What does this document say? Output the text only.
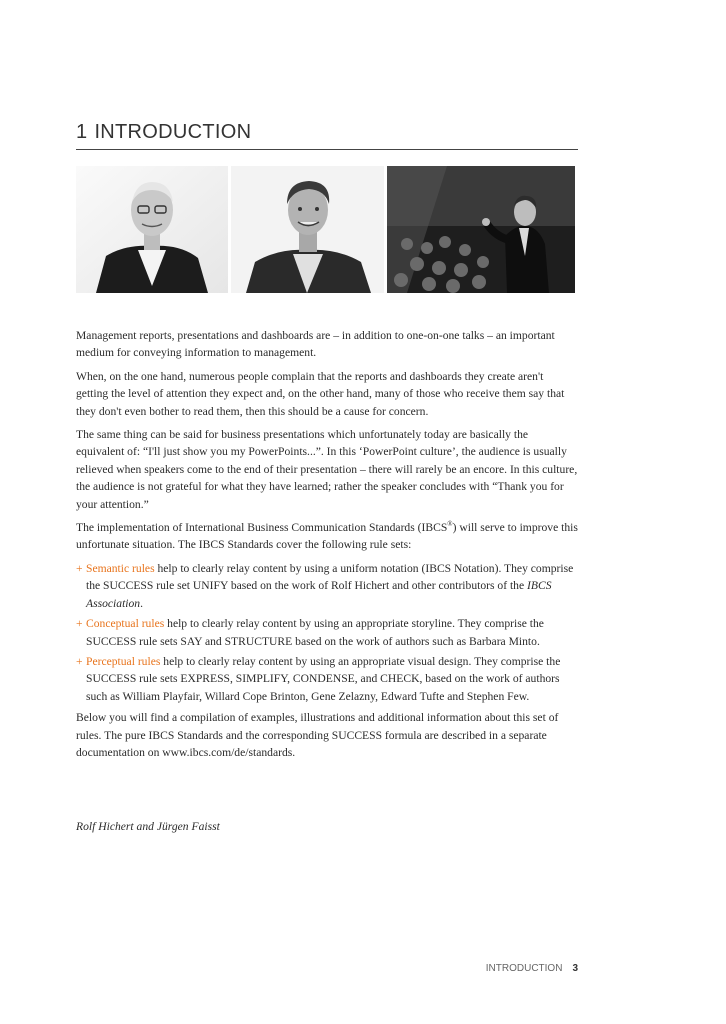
1 INTRODUCTION

Management reports, presentations and dashboards are – in addition to one-on-one talks – an important medium for conveying information to management.

When, on the one hand, numerous people complain that the reports and dashboards they create aren't getting the level of attention they expect and, on the other hand, many of those who receive them say that they don't even bother to read them, then this should be a cause for concern.

The same thing can be said for business presentations which unfortunately today are basically the equivalent of: “I'll just show you my PowerPoints...”. In this ‘PowerPoint culture’, the audience is usually relieved when speakers come to the end of their presentation – there will rarely be an encore. In this culture, the audience is not grateful for what they have learned; rather the speaker concludes with “Thank you for your attention.”

The implementation of International Business Communication Standards (IBCS®) will serve to improve this unfortunate situation. The IBCS Standards cover the following rule sets:

+ Semantic rules help to clearly relay content by using a uniform notation (IBCS Notation). They comprise the SUCCESS rule set UNIFY based on the work of Rolf Hichert and other contributors of the IBCS Association.
+ Conceptual rules help to clearly relay content by using an appropriate storyline. They comprise the SUCCESS rule sets SAY and STRUCTURE based on the work of authors such as Barbara Minto.
+ Perceptual rules help to clearly relay content by using an appropriate visual design. They comprise the SUCCESS rule sets EXPRESS, SIMPLIFY, CONDENSE, and CHECK, based on the work of authors such as William Playfair, Willard Cope Brinton, Gene Zelazny, Edward Tufte and Stephen Few.

Below you will find a compilation of examples, illustrations and additional information about this set of rules. The pure IBCS Standards and the corresponding SUCCESS formula are described in a separate documentation on www.ibcs.com/de/standards.

Rolf Hichert and Jürgen Faisst
INTRODUCTION 3
